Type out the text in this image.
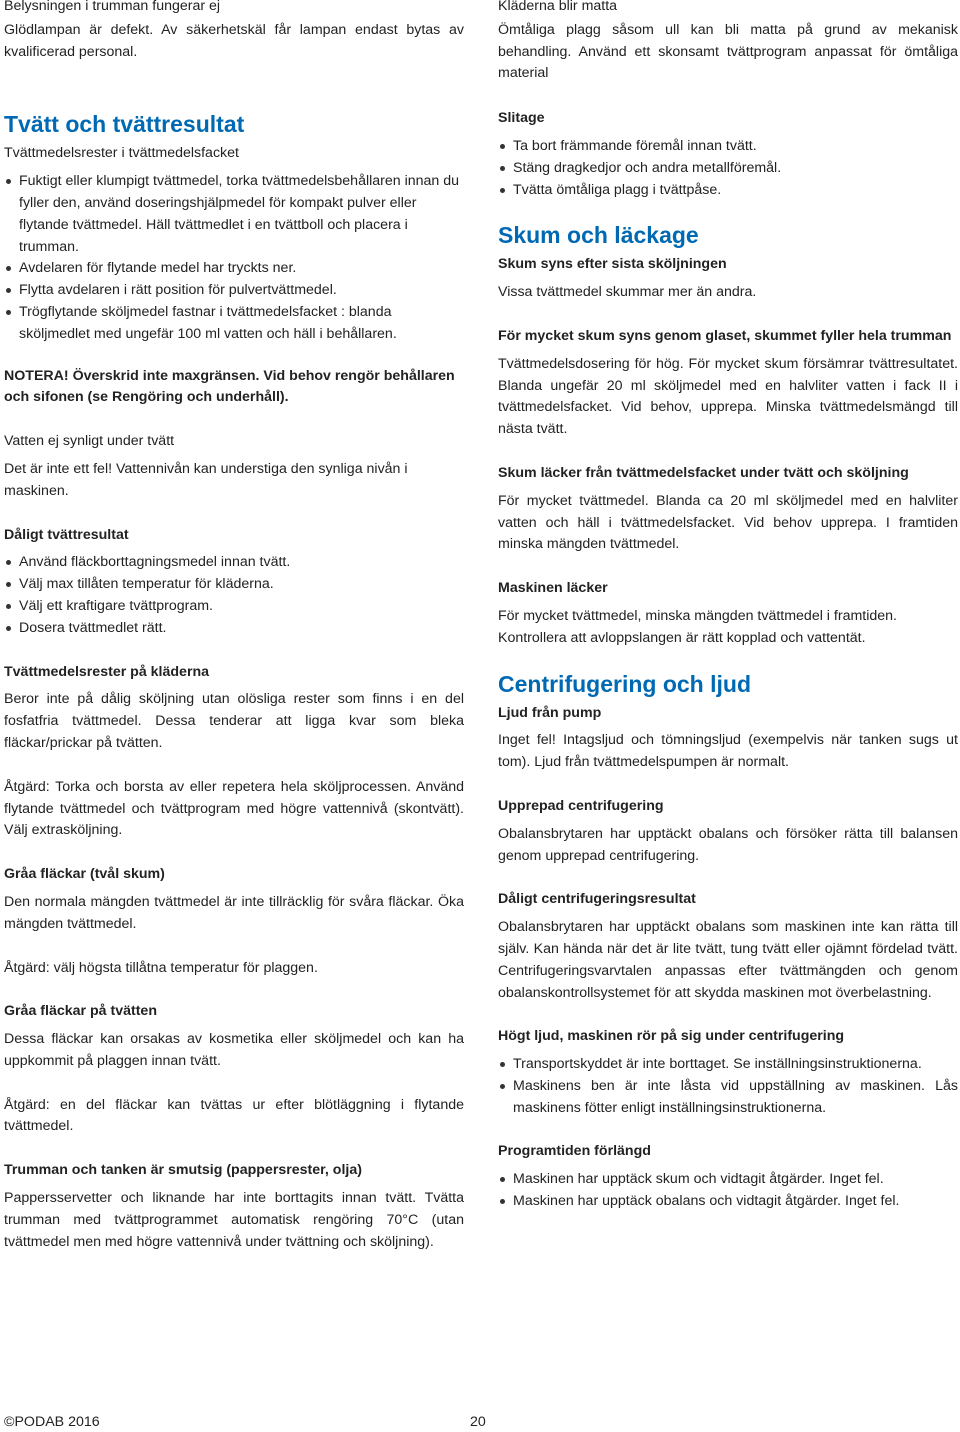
Belysningen i trumman fungerar ej

Glödlampan är defekt. Av säkerhetskäl får lampan endast bytas av kvalificerad personal.

Tvätt och tvättresultat

Tvättmedelsrester i tvättmedelsfacket

Fuktigt eller klumpigt tvättmedel, torka tvättmedelsbehållaren innan du fyller den, använd doseringshjälpmedel för kompakt pulver eller flytande tvättmedel. Häll tvättmedlet i en tvättboll och placera i trumman.
Avdelaren för flytande medel har tryckts ner.
Flytta avdelaren i rätt position för pulvertvättmedel.
Trögflytande sköljmedel fastnar i tvättmedelsfacket : blanda sköljmedlet med ungefär 100 ml vatten och häll i behållaren.

NOTERA! Överskrid inte maxgränsen. Vid behov rengör behållaren och sifonen (se Rengöring och underhåll).

Vatten ej synligt under tvätt

Det är inte ett fel! Vattennivån kan understiga den synliga nivån i maskinen.

Dåligt tvättresultat

Använd fläckborttagningsmedel innan tvätt.
Välj max tillåten temperatur för kläderna.
Välj ett kraftigare tvättprogram.
Dosera tvättmedlet rätt.

Tvättmedelsrester på kläderna

Beror inte på dålig sköljning utan olösliga rester som finns i en del fosfatfria tvättmedel. Dessa tenderar att ligga kvar som bleka fläckar/prickar på tvätten.

Åtgärd: Torka och borsta av eller repetera hela sköljprocessen. Använd flytande tvättmedel och tvättprogram med högre vattennivå (skontvätt). Välj extrasköljning.

Gråa fläckar (tvål skum)

Den normala mängden tvättmedel är inte tillräcklig för svåra fläckar. Öka mängden tvättmedel.

Åtgärd: välj högsta tillåtna temperatur för plaggen.

Gråa fläckar på tvätten

Dessa fläckar kan orsakas av kosmetika eller sköljmedel och kan ha uppkommit på plaggen innan tvätt.

Åtgärd: en del fläckar kan tvättas ur efter blötläggning i flytande tvättmedel.

Trumman och tanken är smutsig (pappersrester, olja)

Pappersservetter och liknande har inte borttagits innan tvätt. Tvätta trumman med tvättprogrammet automatisk rengöring 70°C (utan tvättmedel men med högre vattennivå under tvättning och sköljning).

Kläderna blir matta

Ömtåliga plagg såsom ull kan bli matta på grund av mekanisk behandling. Använd ett skonsamt tvättprogram anpassat för ömtåliga material

Slitage

Ta bort främmande föremål innan tvätt.
Stäng dragkedjor och andra metallföremål.
Tvätta ömtåliga plagg i tvättpåse.

Skum och läckage

Skum syns efter sista sköljningen

Vissa tvättmedel skummar mer än andra.

För mycket skum syns genom glaset, skummet fyller hela trumman

Tvättmedelsdosering för hög. För mycket skum försämrar tvättresultatet. Blanda ungefär 20 ml sköljmedel med en halvliter vatten i fack II i tvättmedelsfacket. Vid behov, upprepa. Minska tvättmedelsmängd till nästa tvätt.

Skum läcker från tvättmedelsfacket under tvätt och sköljning

För mycket tvättmedel. Blanda ca 20 ml sköljmedel med en halvliter vatten och häll i tvättmedelsfacket. Vid behov upprepa. I framtiden minska mängden tvättmedel.

Maskinen läcker

För mycket tvättmedel, minska mängden tvättmedel i framtiden. Kontrollera att avloppslangen är rätt kopplad och vattentät.

Centrifugering och ljud

Ljud från pump

Inget fel! Intagsljud och tömningsljud (exempelvis när tanken sugs ut tom). Ljud från tvättmedelspumpen är normalt.

Upprepad centrifugering

Obalansbrytaren har upptäckt obalans och försöker rätta till balansen genom upprepad centrifugering.

Dåligt centrifugeringsresultat

Obalansbrytaren har upptäckt obalans som maskinen inte kan rätta till själv. Kan hända när det är lite tvätt, tung tvätt eller ojämnt fördelad tvätt. Centrifugeringsvarvtalen anpassas efter tvättmängden och genom obalanskontrollsystemet för att skydda maskinen mot överbelastning.

Högt ljud, maskinen rör på sig under centrifugering

Transportskyddet är inte borttaget. Se inställningsinstruktionerna.
Maskinens ben är inte låsta vid uppställning av maskinen. Lås maskinens fötter enligt inställningsinstruktionerna.

Programtiden förlängd

Maskinen har upptäck skum och vidtagit åtgärder. Inget fel.
Maskinen har upptäck obalans och vidtagit åtgärder. Inget fel.
©PODAB 2016	20
